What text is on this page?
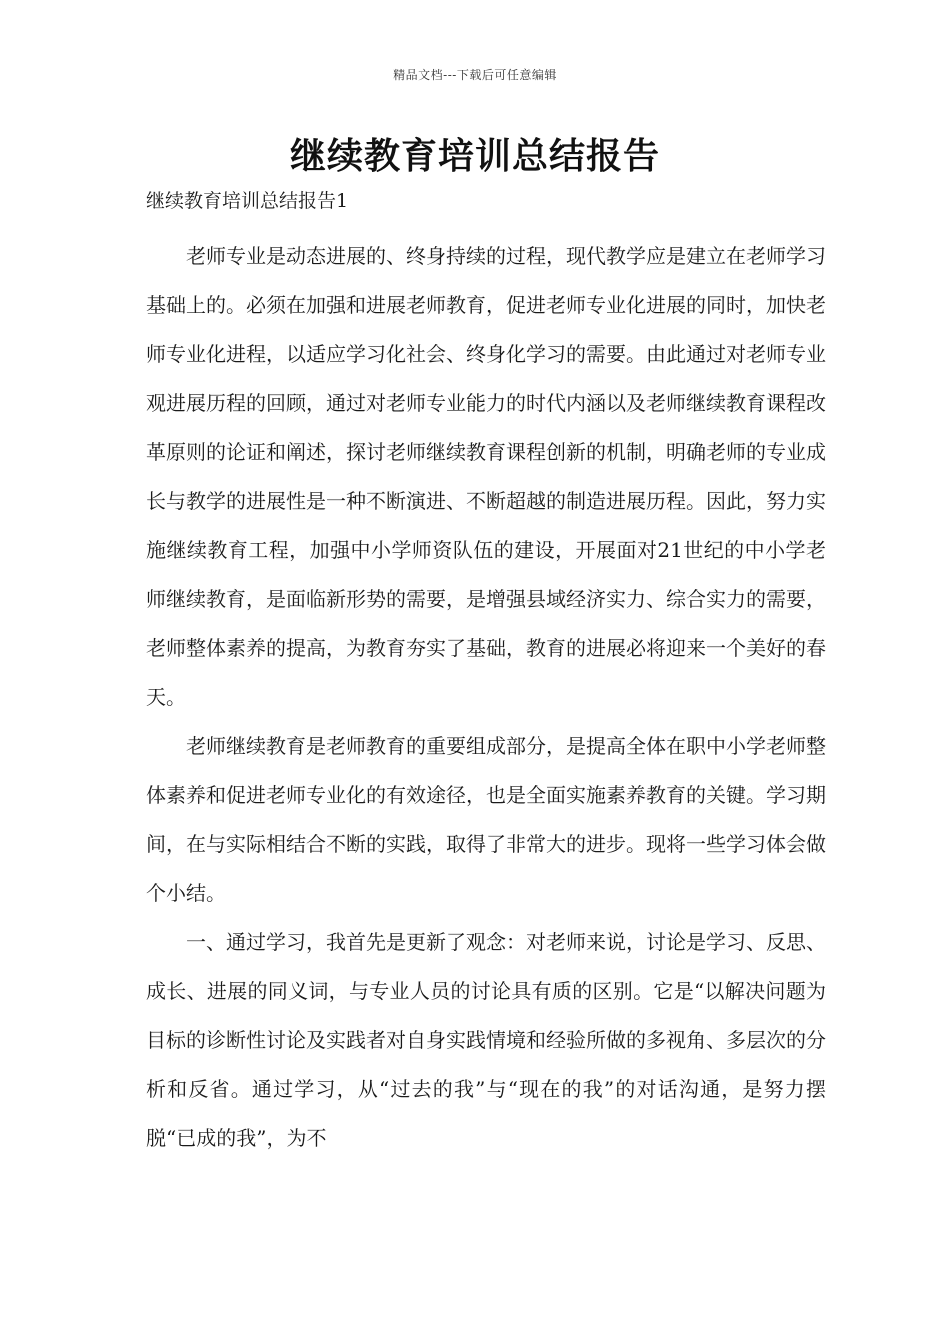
精品文档---下载后可任意编辑
继续教育培训总结报告

继续教育培训总结报告1

老师专业是动态进展的、终身持续的过程，现代教学应是建立在老师学习基础上的。必须在加强和进展老师教育，促进老师专业化进展的同时，加快老师专业化进程，以适应学习化社会、终身化学习的需要。由此通过对老师专业观进展历程的回顾，通过对老师专业能力的时代内涵以及老师继续教育课程改革原则的论证和阐述，探讨老师继续教育课程创新的机制，明确老师的专业成长与教学的进展性是一种不断演进、不断超越的制造进展历程。因此，努力实施继续教育工程，加强中小学师资队伍的建设，开展面对21世纪的中小学老师继续教育，是面临新形势的需要，是增强县域经济实力、综合实力的需要，老师整体素养的提高，为教育夯实了基础，教育的进展必将迎来一个美好的春天。

老师继续教育是老师教育的重要组成部分，是提高全体在职中小学老师整体素养和促进老师专业化的有效途径，也是全面实施素养教育的关键。学习期间，在与实际相结合不断的实践，取得了非常大的进步。现将一些学习体会做个小结。

一、通过学习，我首先是更新了观念：对老师来说，讨论是学习、反思、成长、进展的同义词，与专业人员的讨论具有质的区别。它是“以解决问题为目标的诊断性讨论及实践者对自身实践情境和经验所做的多视角、多层次的分析和反省。通过学习，从“过去的我”与“现在的我”的对话沟通，是努力摆脱“已成的我”，为不
